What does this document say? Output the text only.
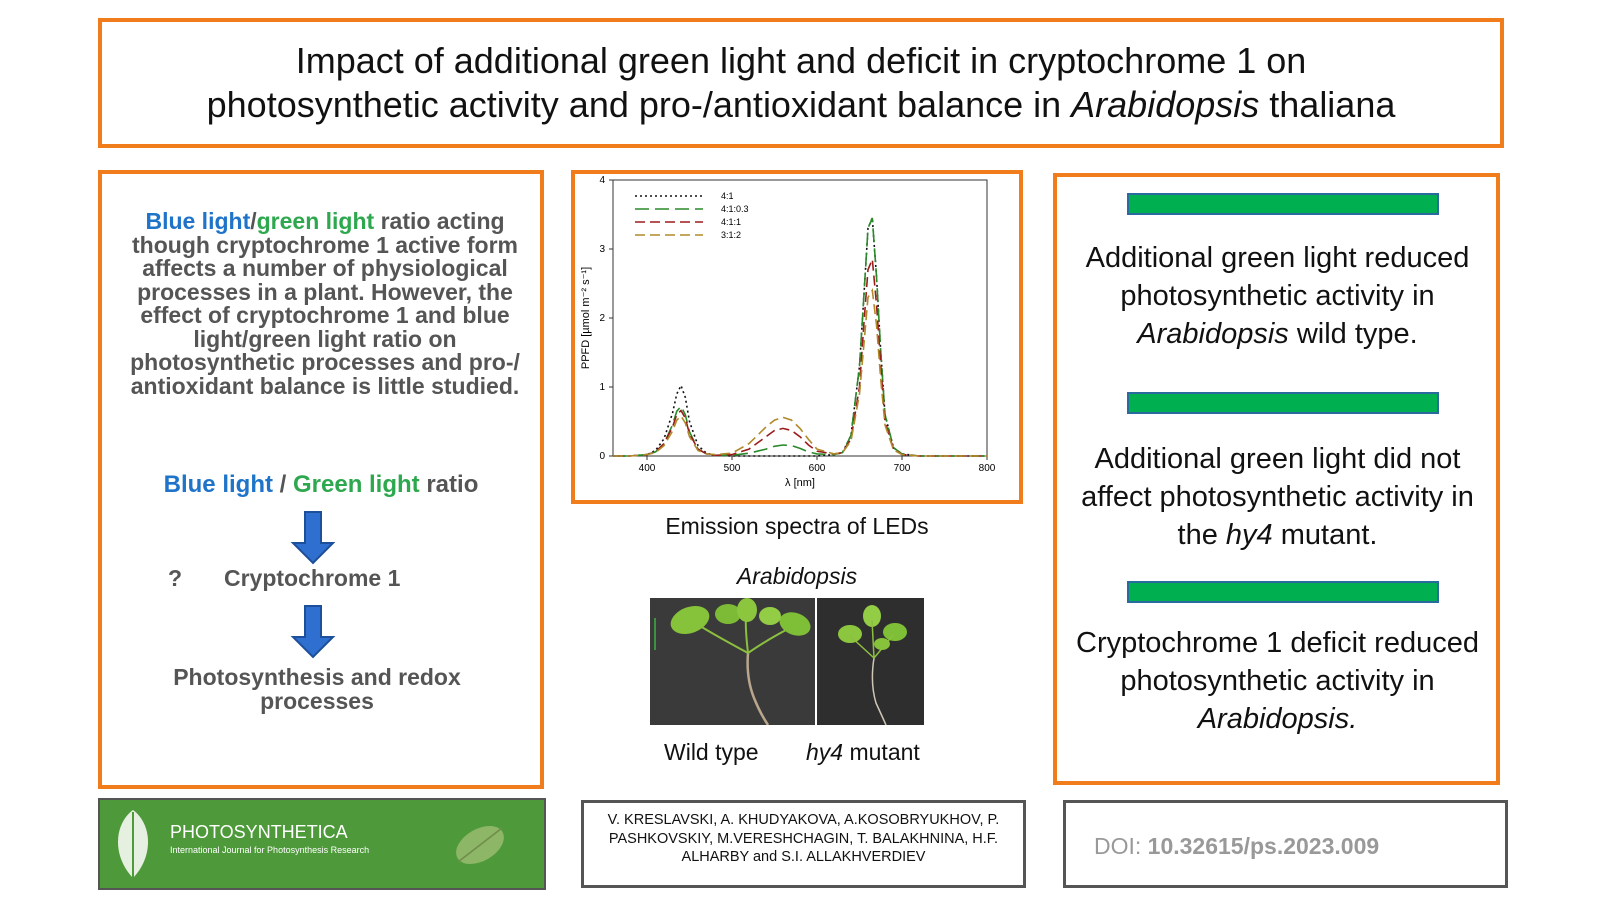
Impact of additional green light and deficit in cryptochrome 1 on
photosynthetic activity and pro-/antioxidant balance in Arabidopsis thaliana
Blue light/green light ratio acting though cryptochrome 1 active form affects a number of physiological processes in a plant. However, the effect of cryptochrome 1 and blue light/green light ratio on photosynthetic processes and pro-/ antioxidant balance is little studied.
Blue light / Green light ratio
? Cryptochrome 1
Photosynthesis and redox processes
400	500	600	700	800
0
1
2
3
4
λ [nm]
PPFD [µmol m⁻² s⁻¹]
4:1
4:1:0.3
4:1:1
3:1:2
Emission spectra of LEDs
Arabidopsis
Wild type hy4 mutant
Additional green light reduced photosynthetic activity in Arabidopsis wild type.
Additional green light did not affect photosynthetic activity in the hy4 mutant.
Cryptochrome 1 deficit reduced photosynthetic activity in Arabidopsis.
PHOTOSYNTHETICA
International Journal for Photosynthesis Research
V. KRESLAVSKI, A. KHUDYAKOVA, A.KOSOBRYUKHOV, P. PASHKOVSKIY, M.VERESHCHAGIN, T. BALAKHNINA, H.F. ALHARBY and S.I. ALLAKHVERDIEV	DOI: 10.32615/ps.2023.009
